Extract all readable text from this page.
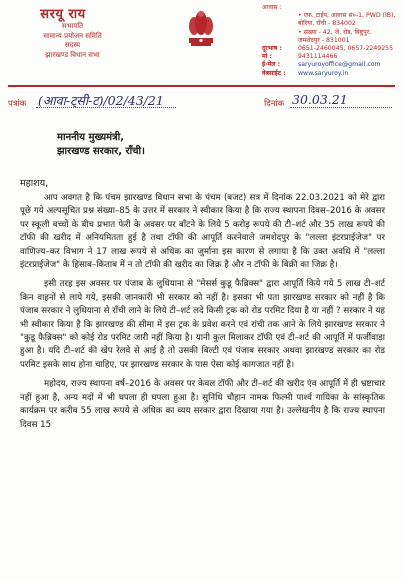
सरयू राय
सभापति
सामान्य प्रयोजन समिति
सदस्य
झारखण्ड विधान सभा
आवास :
• एफ. टाईप, आवास सं०-1, PWD (IB),
बोरिया, राँची - 834002
• संख्या - 42, जे. रोड, बिष्टुपुर,
जमशेदपुर - 831001
दूरभाष :	0651-2460045, 0657-2249255
मो :	9431114466
ई-मेल :	saryuroyoffice@gmail.com
वेबसाईट :	www.saryuroy.in
पत्रांक (आवा-ट्सी-ट)/02/43/21	दिनांक 30.03.21
माननीय मुख्यमंत्री,
झारखण्ड सरकार, राँची।
महाशय,

आप अवगत है कि पंचम झारखण्ड विधान सभा के पंचम (बजट) सत्र में दिनांक 22.03.2021 को मेरे द्वारा पूछे गये अल्पसूचित प्रश्न संख्या–85 के उत्तर में सरकार ने स्वीकार किया है कि राज्य स्थापना दिवस–2016 के अवसर पर स्कूली बच्चों के बीच प्रभात फेरी के अवसर पर बाँटने के लिये 5 करोड़ रूपये की टी–शर्ट और 35 लाख रूपये की टॉफी की खरीद में अनियमितता हुई है तथा टॉफी की आपूर्ति करनेवाले जमशेदपुर के "लल्ला इंटरप्राईजेज" पर वाणिज्य–कर विभाग ने 17 लाख रूपये से अधिक का जुर्माना इस कारण से लगाया है कि उक्त अवधि में "लल्ला इंटरप्राईजेज" के हिसाब–किताब में न तो टॉफी की खरीद का जिक्र है और न टॉफी के बिक्री का जिक्र है।

इसी तरह इस अवसर पर पंजाब के लुधियाना से "मेसर्स कुडू फैब्रिक्स" द्वारा आपूर्ति किये गये 5 लाख टी–शर्ट किन वाहनों से लाये गये, इसकी जानकारी भी सरकार को नहीं है। इसका भी पता झारखण्ड सरकार को नहीं है कि पंजाब सरकार ने लुधियाना से राँची लाने के लिये टी–शर्ट लदे किसी ट्रक को रोड परमिट दिया है या नहीं ? सरकार ने यह भी स्वीकार किया है कि झारखण्ड की सीमा में इस ट्रक के प्रवेश करने एवं रांची तक आने के लिये झारखण्ड सरकार ने "कुडू फैब्रिक्स" को कोई रोड परमिट जारी नहीं किया है। यानी कुल मिलाकर टॉफी एवं टी–शर्ट की आपूर्ति में फर्जीवाड़ा हुआ है। यदि टी–शर्ट की खेप रेलवे से आई है तो उसकी बिल्टी एवं पंजाब सरकार अथवा झारखण्ड सरकार का रोड परमिट इसके साथ होना चाहिए, पर झारखण्ड सरकार के पास ऐसा कोई कागजात नहीं है।

महोदय, राज्य स्थापना वर्ष–2016 के अवसर पर केवल टॉफी और टी–शर्ट की खरीद एंव आपूर्ति में ही भ्रष्टाचार नहीं हुआ है, अन्य मदों में भी घपला ही घपला हुआ है। सुनिधि चौहान नामक फिल्मी पार्श्व गायिका के सांस्कृतिक कार्यक्रम पर करीब 55 लाख रूपये से अधिक का व्यय सरकार द्वारा दिखाया गया है। उल्लेखनीय है कि राज्य स्थापना दिवस 15
